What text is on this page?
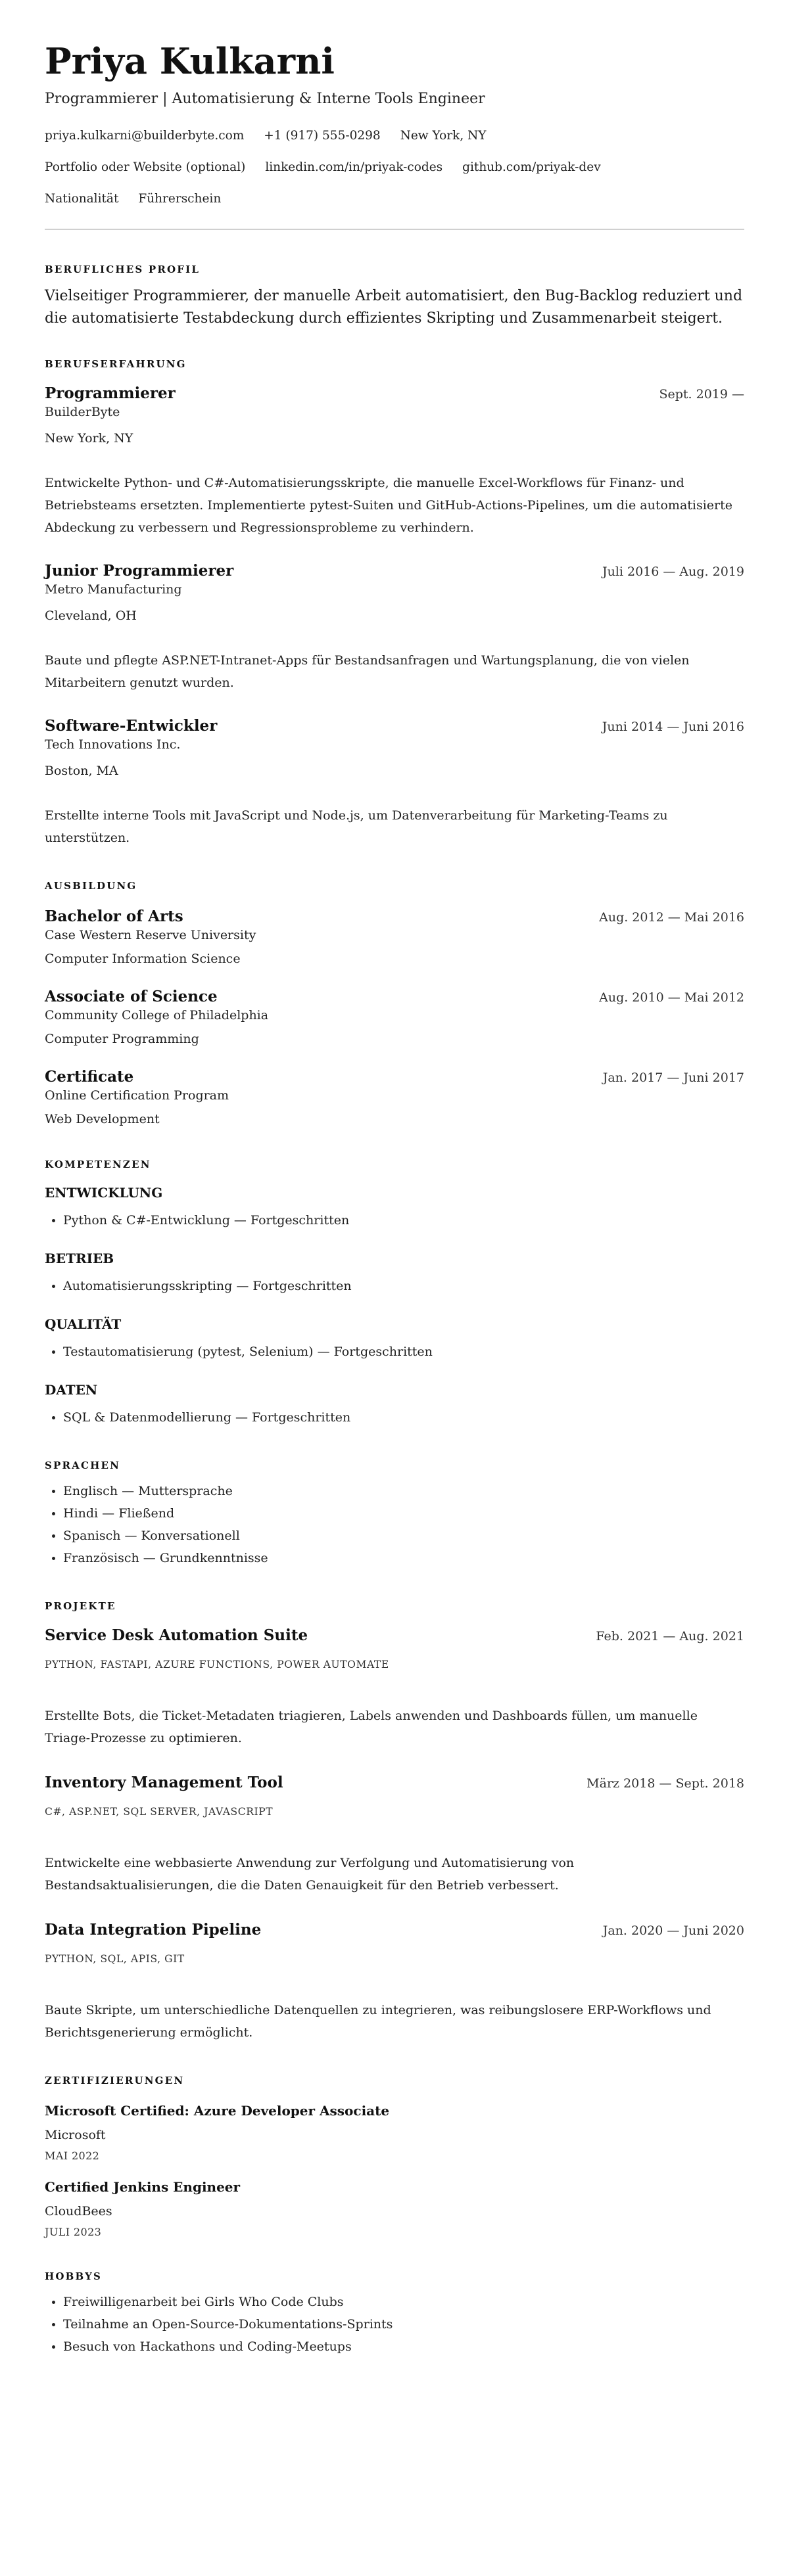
Priya Kulkarni
Programmierer | Automatisierung & Interne Tools Engineer
priya.kulkarni@builderbyte.com +1 (917) 555-0298 New York, NY
Portfolio oder Website (optional) linkedin.com/in/priyak-codes github.com/priyak-dev
Nationalität Führerschein
BERUFLICHES PROFIL

Vielseitiger Programmierer, der manuelle Arbeit automatisiert, den Bug-Backlog reduziert und die automatisierte Testabdeckung durch effizientes Skripting und Zusammenarbeit steigert.

BERUFSERFAHRUNG
Programmierer	Sept. 2019 —
BuilderByte
New York, NY

Entwickelte Python- und C#-Automatisierungsskripte, die manuelle Excel-Workflows für Finanz- und Betriebsteams ersetzten. Implementierte pytest-Suiten und GitHub-Actions-Pipelines, um die automatisierte Abdeckung zu verbessern und Regressionsprobleme zu verhindern.

Junior Programmierer	Juli 2016 — Aug. 2019
Metro Manufacturing
Cleveland, OH

Baute und pflegte ASP.NET-Intranet-Apps für Bestandsanfragen und Wartungsplanung, die von vielen Mitarbeitern genutzt wurden.

Software-Entwickler	Juni 2014 — Juni 2016
Tech Innovations Inc.
Boston, MA

Erstellte interne Tools mit JavaScript und Node.js, um Datenverarbeitung für Marketing-Teams zu unterstützen.

AUSBILDUNG
Bachelor of Arts	Aug. 2012 — Mai 2016
Case Western Reserve University
Computer Information Science
Associate of Science	Aug. 2010 — Mai 2012
Community College of Philadelphia
Computer Programming
Certificate	Jan. 2017 — Juni 2017
Online Certification Program
Web Development
KOMPETENZEN
ENTWICKLUNG
• Python & C#-Entwicklung — Fortgeschritten
BETRIEB
• Automatisierungsskripting — Fortgeschritten
QUALITÄT
• Testautomatisierung (pytest, Selenium) — Fortgeschritten
DATEN
• SQL & Datenmodellierung — Fortgeschritten
SPRACHEN
• Englisch — Muttersprache
• Hindi — Fließend
• Spanisch — Konversationell
• Französisch — Grundkenntnisse
PROJEKTE
Service Desk Automation Suite	Feb. 2021 — Aug. 2021
PYTHON, FASTAPI, AZURE FUNCTIONS, POWER AUTOMATE

Erstellte Bots, die Ticket-Metadaten triagieren, Labels anwenden und Dashboards füllen, um manuelle Triage-Prozesse zu optimieren.

Inventory Management Tool	März 2018 — Sept. 2018
C#, ASP.NET, SQL SERVER, JAVASCRIPT

Entwickelte eine webbasierte Anwendung zur Verfolgung und Automatisierung von Bestandsaktualisierungen, die die Daten Genauigkeit für den Betrieb verbessert.

Data Integration Pipeline	Jan. 2020 — Juni 2020
PYTHON, SQL, APIS, GIT

Baute Skripte, um unterschiedliche Datenquellen zu integrieren, was reibungslosere ERP-Workflows und Berichtsgenerierung ermöglicht.

ZERTIFIZIERUNGEN
Microsoft Certified: Azure Developer Associate
Microsoft
MAI 2022
Certified Jenkins Engineer
CloudBees
JULI 2023
HOBBYS
• Freiwilligenarbeit bei Girls Who Code Clubs
• Teilnahme an Open-Source-Dokumentations-Sprints
• Besuch von Hackathons und Coding-Meetups
